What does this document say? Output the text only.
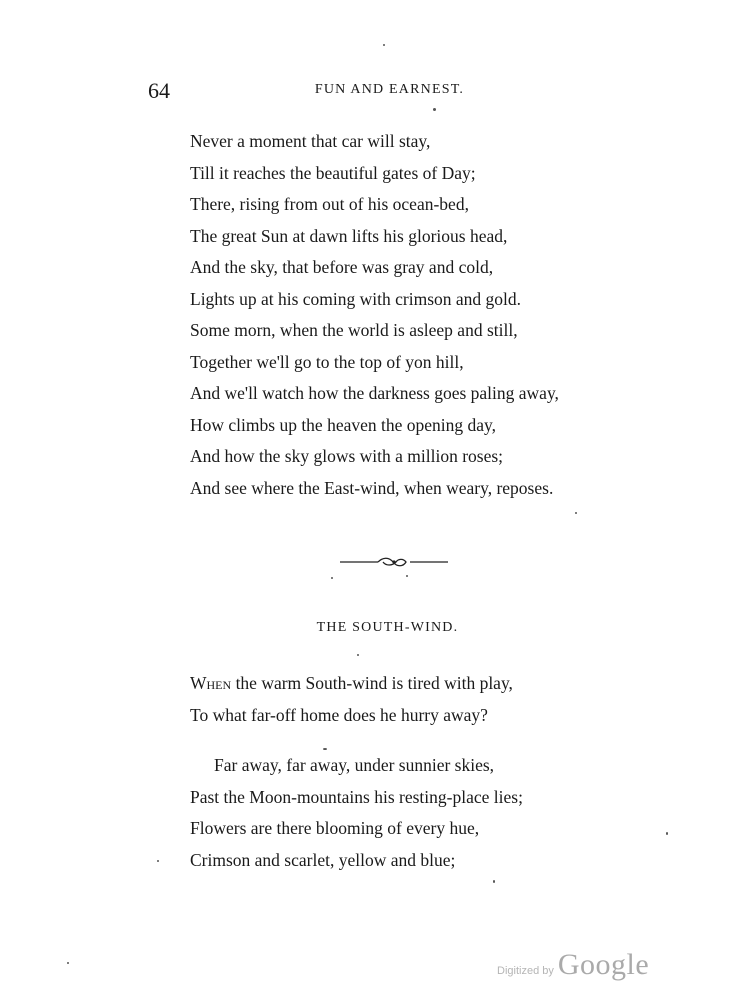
64	FUN AND EARNEST.
Never a moment that car will stay,
Till it reaches the beautiful gates of Day;
There, rising from out of his ocean-bed,
The great Sun at dawn lifts his glorious head,
And the sky, that before was gray and cold,
Lights up at his coming with crimson and gold.
Some morn, when the world is asleep and still,
Together we'll go to the top of yon hill,
And we'll watch how the darkness goes paling away,
How climbs up the heaven the opening day,
And how the sky glows with a million roses;
And see where the East-wind, when weary, reposes.
THE SOUTH-WIND.
When the warm South-wind is tired with play,
To what far-off home does he hurry away?
Far away, far away, under sunnier skies,
Past the Moon-mountains his resting-place lies;
Flowers are there blooming of every hue,
Crimson and scarlet, yellow and blue;
Digitized by Google
